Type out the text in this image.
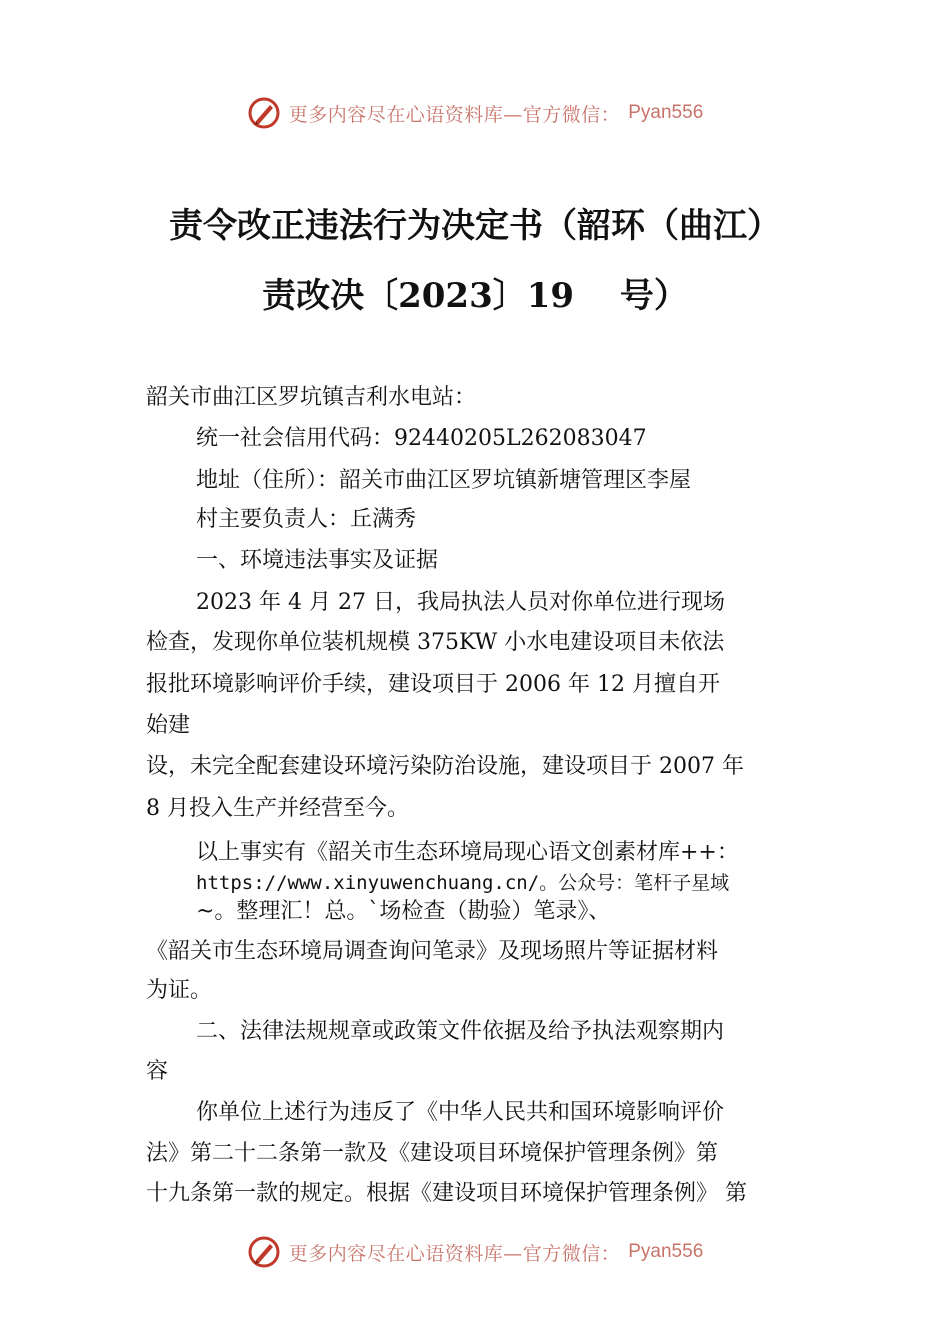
更多内容尽在心语资料库—官方微信： Pyan556
责令改正违法行为决定书（韶环（曲江）
责改决〔2023〕19　 号）
韶关市曲江区罗坑镇吉利水电站：
统一社会信用代码：92440205L262083047
地址（住所）：韶关市曲江区罗坑镇新塘管理区李屋
村主要负责人：丘满秀
一、环境违法事实及证据
2023 年 4 月 27 日，我局执法人员对你单位进行现场
检查，发现你单位装机规模 375KW 小水电建设项目未依法
报批环境影响评价手续，建设项目于 2006 年 12 月擅自开
始建
设，未完全配套建设环境污染防治设施，建设项目于 2007 年
8 月投入生产并经营至今。
以上事实有《韶关市生态环境局现心语文创素材库++：
https://www.xinyuwenchuang.cn/。公众号：笔杆子星域
~。整理汇！总。`场检查（勘验）笔录》、
《韶关市生态环境局调查询问笔录》及现场照片等证据材料
为证。
二、法律法规规章或政策文件依据及给予执法观察期内
容
你单位上述行为违反了《中华人民共和国环境影响评价
法》第二十二条第一款及《建设项目环境保护管理条例》第
十九条第一款的规定。根据《建设项目环境保护管理条例》 第
更多内容尽在心语资料库—官方微信： Pyan556
